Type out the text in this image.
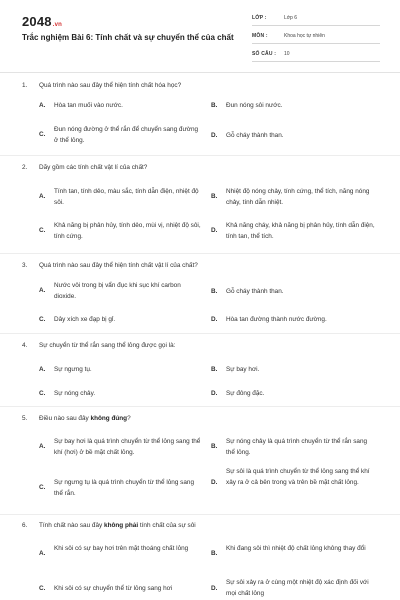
2048.vn
Trắc nghiệm Bài 6: Tính chất và sự chuyển thể của chất
LỚP :	Lớp 6
MÔN :	Khoa học tự nhiên
SỐ CÂU : 10
1. Quá trình nào sau đây thể hiện tính chất hóa học?
A. Hòa tan muối vào nước.	B. Đun nóng sôi nước.
C.
Đun nóng đường ở thể rắn để chuyển sang đường ở thể lỏng.
D. Gỗ cháy thành than.
2. Dãy gồm các tính chất vật lí của chất?
A.
Tính tan, tính dẻo, màu sắc, tính dẫn điện, nhiệt độ sôi.
B.
Nhiệt độ nóng chảy, tính cứng, thể tích, năng nóng chảy, tính dẫn nhiệt.
C.
Khả năng bị phân hủy, tính dẻo, mùi vị, nhiệt độ sôi, tính cứng.
D.
Khả năng cháy, khả năng bị phân hủy, tính dẫn điện, tính tan, thể tích.
3. Quá trình nào sau đây thể hiện tính chất vật lí của chất?
A.
Nước vôi trong bị vẩn đục khi sục khí carbon dioxide.
B. Gỗ cháy thành than.
C. Dây xích xe đạp bị gỉ.	D. Hòa tan đường thành nước đường.
4. Sự chuyển từ thể rắn sang thể lỏng được gọi là:
A. Sự ngưng tụ.	B. Sự bay hơi.
C. Sự nóng chảy.	D. Sự đông đặc.
5. Điều nào sau đây không đúng?
A.
Sự bay hơi là quá trình chuyển từ thể lỏng sang thể khí (hơi) ở bề mặt chất lỏng.
B.
Sự nóng chảy là quá trình chuyển từ thể rắn sang thể lỏng.
C.
Sự ngưng tụ là quá trình chuyển từ thể lỏng sang thể rắn.
D.
Sự sôi là quá trình chuyển từ thể lỏng sang thể khí xảy ra ở cả bên trong và trên bề mặt chất lỏng.
6. Tính chất nào sau đây không phải tính chất của sự sôi
A.
Khi sôi có sự bay hơi trên mặt thoáng chất lỏng
B.
Khi đang sôi thì nhiệt độ chất lỏng không thay đổi
C. Khi sôi có sự chuyển thể từ lỏng sang hơi	D.
Sự sôi xảy ra ở cùng một nhiệt độ xác định đối với mọi chất lỏng
